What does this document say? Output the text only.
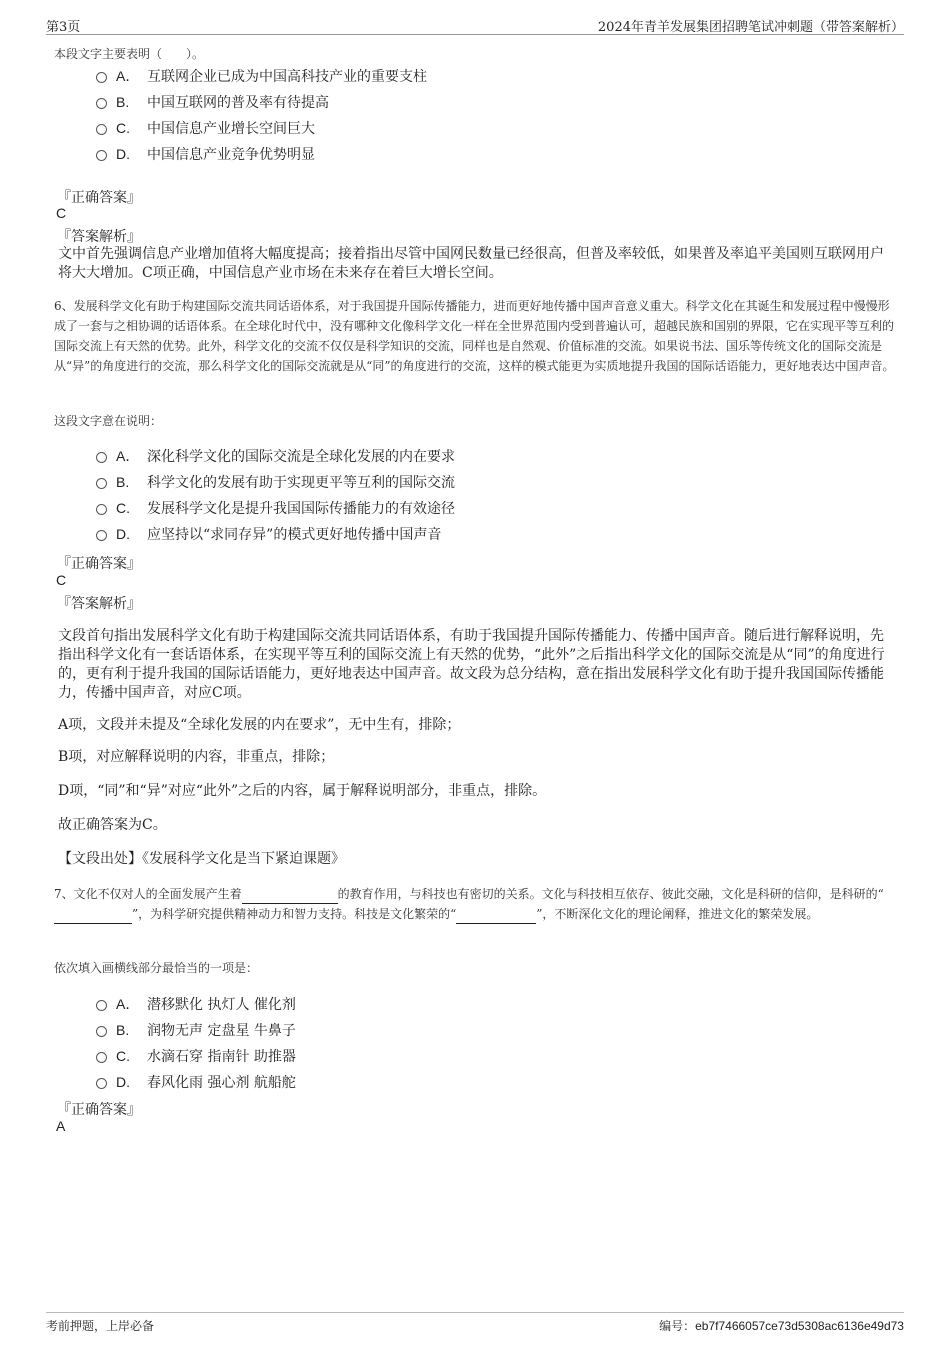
第3页	2024年青羊发展集团招聘笔试冲刺题（带答案解析）
本段文字主要表明（　　）。
A． 互联网企业已成为中国高科技产业的重要支柱
B. 中国互联网的普及率有待提高
C. 中国信息产业增长空间巨大
D. 中国信息产业竞争优势明显
『正确答案』
C
『答案解析』
文中首先强调信息产业增加值将大幅度提高；接着指出尽管中国网民数量已经很高，但普及率较低，如果普及率追平美国则互联网用户将大大增加。C项正确，中国信息产业市场在未来存在着巨大增长空间。
6、发展科学文化有助于构建国际交流共同话语体系，对于我国提升国际传播能力，进而更好地传播中国声音意义重大。科学文化在其诞生和发展过程中慢慢形成了一套与之相协调的话语体系。在全球化时代中，没有哪种文化像科学文化一样在全世界范围内受到普遍认可，超越民族和国别的界限，它在实现平等互利的国际交流上有天然的优势。此外，科学文化的交流不仅仅是科学知识的交流，同样也是自然观、价值标准的交流。如果说书法、国乐等传统文化的国际交流是从“异”的角度进行的交流，那么科学文化的国际交流就是从“同”的角度进行的交流，这样的模式能更为实质地提升我国的国际话语能力，更好地表达中国声音。
这段文字意在说明：
A． 深化科学文化的国际交流是全球化发展的内在要求
B. 科学文化的发展有助于实现更平等互利的国际交流
C. 发展科学文化是提升我国国际传播能力的有效途径
D. 应坚持以“求同存异”的模式更好地传播中国声音
『正确答案』
C
『答案解析』
文段首句指出发展科学文化有助于构建国际交流共同话语体系，有助于我国提升国际传播能力、传播中国声音。随后进行解释说明，先指出科学文化有一套话语体系，在实现平等互利的国际交流上有天然的优势，“此外”之后指出科学文化的国际交流是从“同”的角度进行的，更有利于提升我国的国际话语能力，更好地表达中国声音。故文段为总分结构，意在指出发展科学文化有助于提升我国国际传播能力，传播中国声音，对应C项。
A项，文段并未提及“全球化发展的内在要求”，无中生有，排除；
B项，对应解释说明的内容，非重点，排除；
D项，“同”和“异”对应“此外”之后的内容，属于解释说明部分，非重点，排除。
故正确答案为C。
【文段出处】《发展科学文化是当下紧迫课题》
7、文化不仅对人的全面发展产生着	的教育作用，与科技也有密切的关系。文化与科技相互依存、彼此交融，文化是科研的信仰，是科研的“”，为科学研究提供精神动力和智力支持。科技是文化繁荣的“	”，不断深化文化的理论阐释，推进文化的繁荣发展。
依次填入画横线部分最恰当的一项是：
A． 潜移默化 执灯人 催化剂
B. 润物无声 定盘星 牛鼻子
C. 水滴石穿 指南针 助推器
D. 春风化雨 强心剂 航船舵
『正确答案』
A
考前押题，上岸必备	编号：eb7f7466057ce73d5308ac6136e49d73
